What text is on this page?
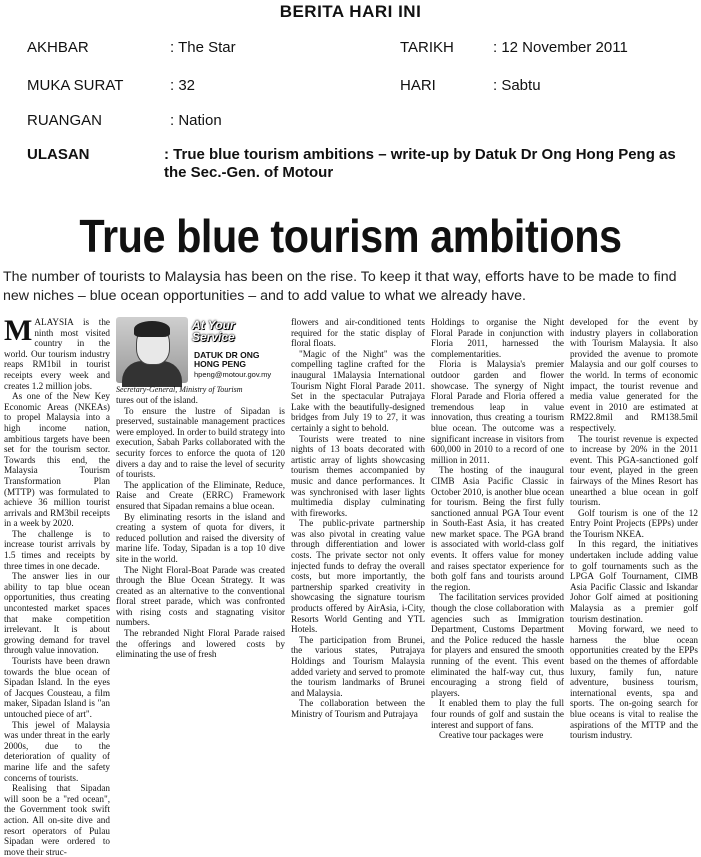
BERITA HARI INI
AKHBAR	: The Star	TARIKH	: 12 November 2011
MUKA SURAT	: 32	HARI	: Sabtu
RUANGAN	: Nation
ULASAN	: True blue tourism ambitions – write-up by Datuk Dr Ong Hong Peng as the Sec.-Gen. of Motour
True blue tourism ambitions
The number of tourists to Malaysia has been on the rise. To keep it that way, efforts have to be made to find new niches – blue ocean opportunities – and to add value to what we already have.

MALAYSIA is the ninth most visited country in the world. Our tourism industry reaps RM1bil in tourist receipts every week and creates 1.2 million jobs.

As one of the New Key Economic Areas (NKEAs) to propel Malaysia into a high income nation, ambitious targets have been set for the tourism sector. Towards this end, the Malaysia Tourism Transformation Plan (MTTP) was formulated to achieve 36 million tourist arrivals and RM3bil receipts in a week by 2020.

The challenge is to increase tourist arrivals by 1.5 times and receipts by three times in one decade.

The answer lies in our ability to tap blue ocean opportunities, thus creating uncontested market spaces that make competition irrelevant. It is about growing demand for travel through value innovation.

Tourists have been drawn towards the blue ocean of Sipadan Island. In the eyes of Jacques Cousteau, a film maker, Sipadan Island is "an untouched piece of art".

This jewel of Malaysia was under threat in the early 2000s, due to the deterioration of quality of marine life and the safety concerns of tourists.

Realising that Sipadan will soon be a "red ocean", the Government took swift action. All on-site dive and resort operators of Pulau Sipadan were ordered to move their struc-

At Your Service
DATUK DR ONG HONG PENG
hpeng@motour.gov.my
Secretary-General, Ministry of Tourism

tures out of the island.

To ensure the lustre of Sipadan is preserved, sustainable management practices were employed. In order to build strategy into execution, Sabah Parks collaborated with the security forces to enforce the quota of 120 divers a day and to raise the level of security of tourists.

The application of the Eliminate, Reduce, Raise and Create (ERRC) Framework ensured that Sipadan remains a blue ocean.

By eliminating resorts in the island and creating a system of quota for divers, it reduced pollution and raised the diversity of marine life. Today, Sipadan is a top 10 dive site in the world.

The Night Floral-Boat Parade was created through the Blue Ocean Strategy. It was created as an alternative to the conventional floral street parade, which was confronted with rising costs and stagnating visitor numbers.

The rebranded Night Floral Parade raised the offerings and lowered costs by eliminating the use of fresh

flowers and air-conditioned tents required for the static display of floral floats.

"Magic of the Night" was the compelling tagline crafted for the inaugural 1Malaysia International Tourism Night Floral Parade 2011. Set in the spectacular Putrajaya Lake with the beautifully-designed bridges from July 19 to 27, it was certainly a sight to behold.

Tourists were treated to nine nights of 13 boats decorated with artistic array of lights showcasing tourism themes accompanied by music and dance performances. It was synchronised with laser lights multimedia display culminating with fireworks.

The public-private partnership was also pivotal in creating value through differentiation and lower costs. The private sector not only injected funds to defray the overall costs, but more importantly, the partnership sparked creativity in showcasing the signature tourism products offered by AirAsia, i-City, Resorts World Genting and YTL Hotels.

The participation from Brunei, the various states, Putrajaya Holdings and Tourism Malaysia added variety and served to promote the tourism landmarks of Brunei and Malaysia.

The collaboration between the Ministry of Tourism and Putrajaya

Holdings to organise the Night Floral Parade in conjunction with Floria 2011, harnessed the complementarities.

Floria is Malaysia's premier outdoor garden and flower showcase. The synergy of Night Floral Parade and Floria offered a tremendous leap in value innovation, thus creating a tourism blue ocean. The outcome was a significant increase in visitors from 600,000 in 2010 to a record of one million in 2011.

The hosting of the inaugural CIMB Asia Pacific Classic in October 2010, is another blue ocean for tourism. Being the first fully sanctioned annual PGA Tour event in South-East Asia, it has created new market space. The PGA brand is associated with world-class golf events. It offers value for money and raises spectator experience for both golf fans and tourists around the region.

The facilitation services provided though the close collaboration with agencies such as Immigration Department, Customs Department and the Police reduced the hassle for players and ensured the smooth running of the event. This event eliminated the half-way cut, thus encouraging a strong field of players.

It enabled them to play the full four rounds of golf and sustain the interest and support of fans.

Creative tour packages were

developed for the event by industry players in collaboration with Tourism Malaysia. It also provided the avenue to promote Malaysia and our golf courses to the world. In terms of economic impact, the tourist revenue and media value generated for the event in 2010 are estimated at RM22.8mil and RM138.5mil respectively.

The tourist revenue is expected to increase by 20% in the 2011 event. This PGA-sanctioned golf tour event, played in the green fairways of the Mines Resort has unearthed a blue ocean in golf tourism.

Golf tourism is one of the 12 Entry Point Projects (EPPs) under the Tourism NKEA.

In this regard, the initiatives undertaken include adding value to golf tournaments such as the LPGA Golf Tournament, CIMB Asia Pacific Classic and Iskandar Johor Golf aimed at positioning Malaysia as a premier golf tourism destination.

Moving forward, we need to harness the blue ocean opportunities created by the EPPs based on the themes of affordable luxury, family fun, nature adventure, business tourism, international events, spa and sports. The on-going search for blue oceans is vital to realise the aspirations of the MTTP and the tourism industry.
